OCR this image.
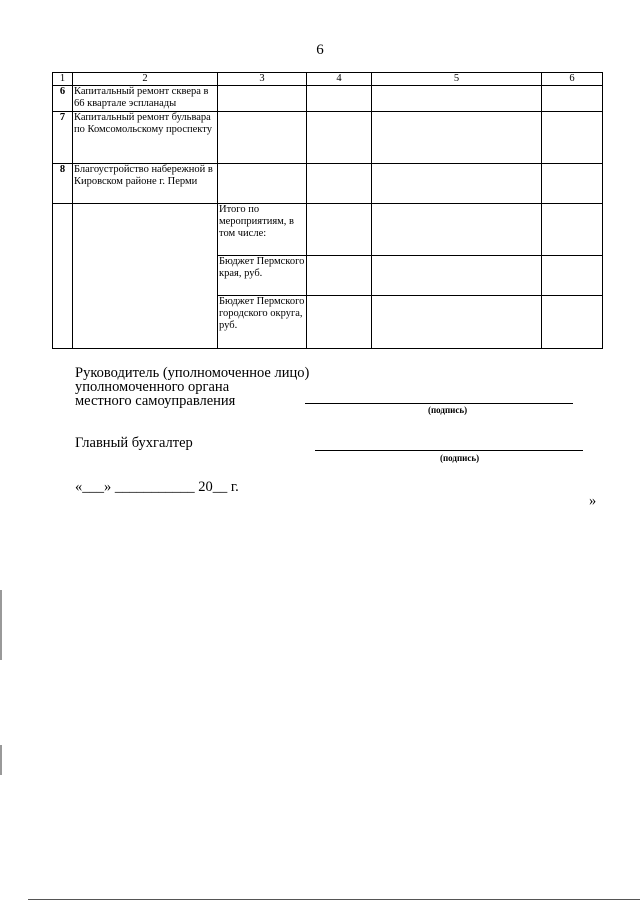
6
1	2	3	4	5	6
6	Капитальный ремонт сквера в 66 квартале эспланады				
7	Капитальный ремонт бульвара по Комсомольскому проспекту				
8	Благоустройство набережной в Кировском районе г. Перми				
		Итого по мероприятиям, в том числе:			
		Бюджет Пермского края, руб.			
		Бюджет Пермского городского округа, руб.			
Руководитель (уполномоченное лицо)
уполномоченного органа
местного самоуправления
(подпись)
Главный бухгалтер
(подпись)
«___» ___________ 20__ г.
»
